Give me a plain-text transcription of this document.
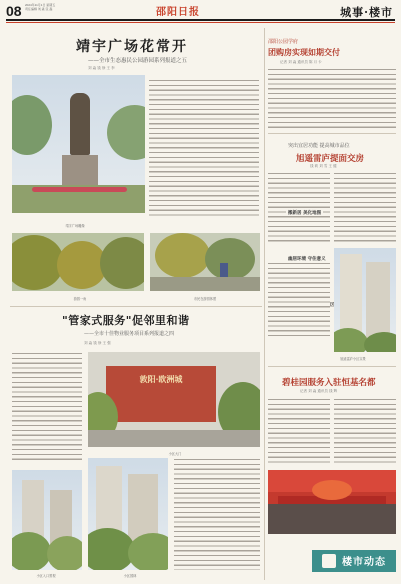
08 2024年11月1日 星期五
责任编辑 刘 淼 张 磊	邵阳日报	城事·楼市
靖宇广场花常开
——全市生态惠民公园游园系列报道之五
刘 淼 钱 徐 王 李
靖宇广场雕像
游园一角	市民在游园休憩
"管家式服务"促邻里和谐
——全市十佳物业服务项目系列报道之四
刘 淼 钱 徐 王 强
敦阳·欧洲城
小区大门
小区入口景观	小区园林
邵阳公园学府
团购房实现如期交付
记者 刘 淼 通讯员 陈 月 卡
突出宜居功能 提高城市品位
旭遥雷庐提面交房
钱 莉 刘 雪 王 健
搬新居 美化地图
幽居环境 守住意义
旭遥雷庐小区实景
碧桂园服务入驻恒基名都
记者 刘 淼 通讯员 钱 辉
楼市动态
